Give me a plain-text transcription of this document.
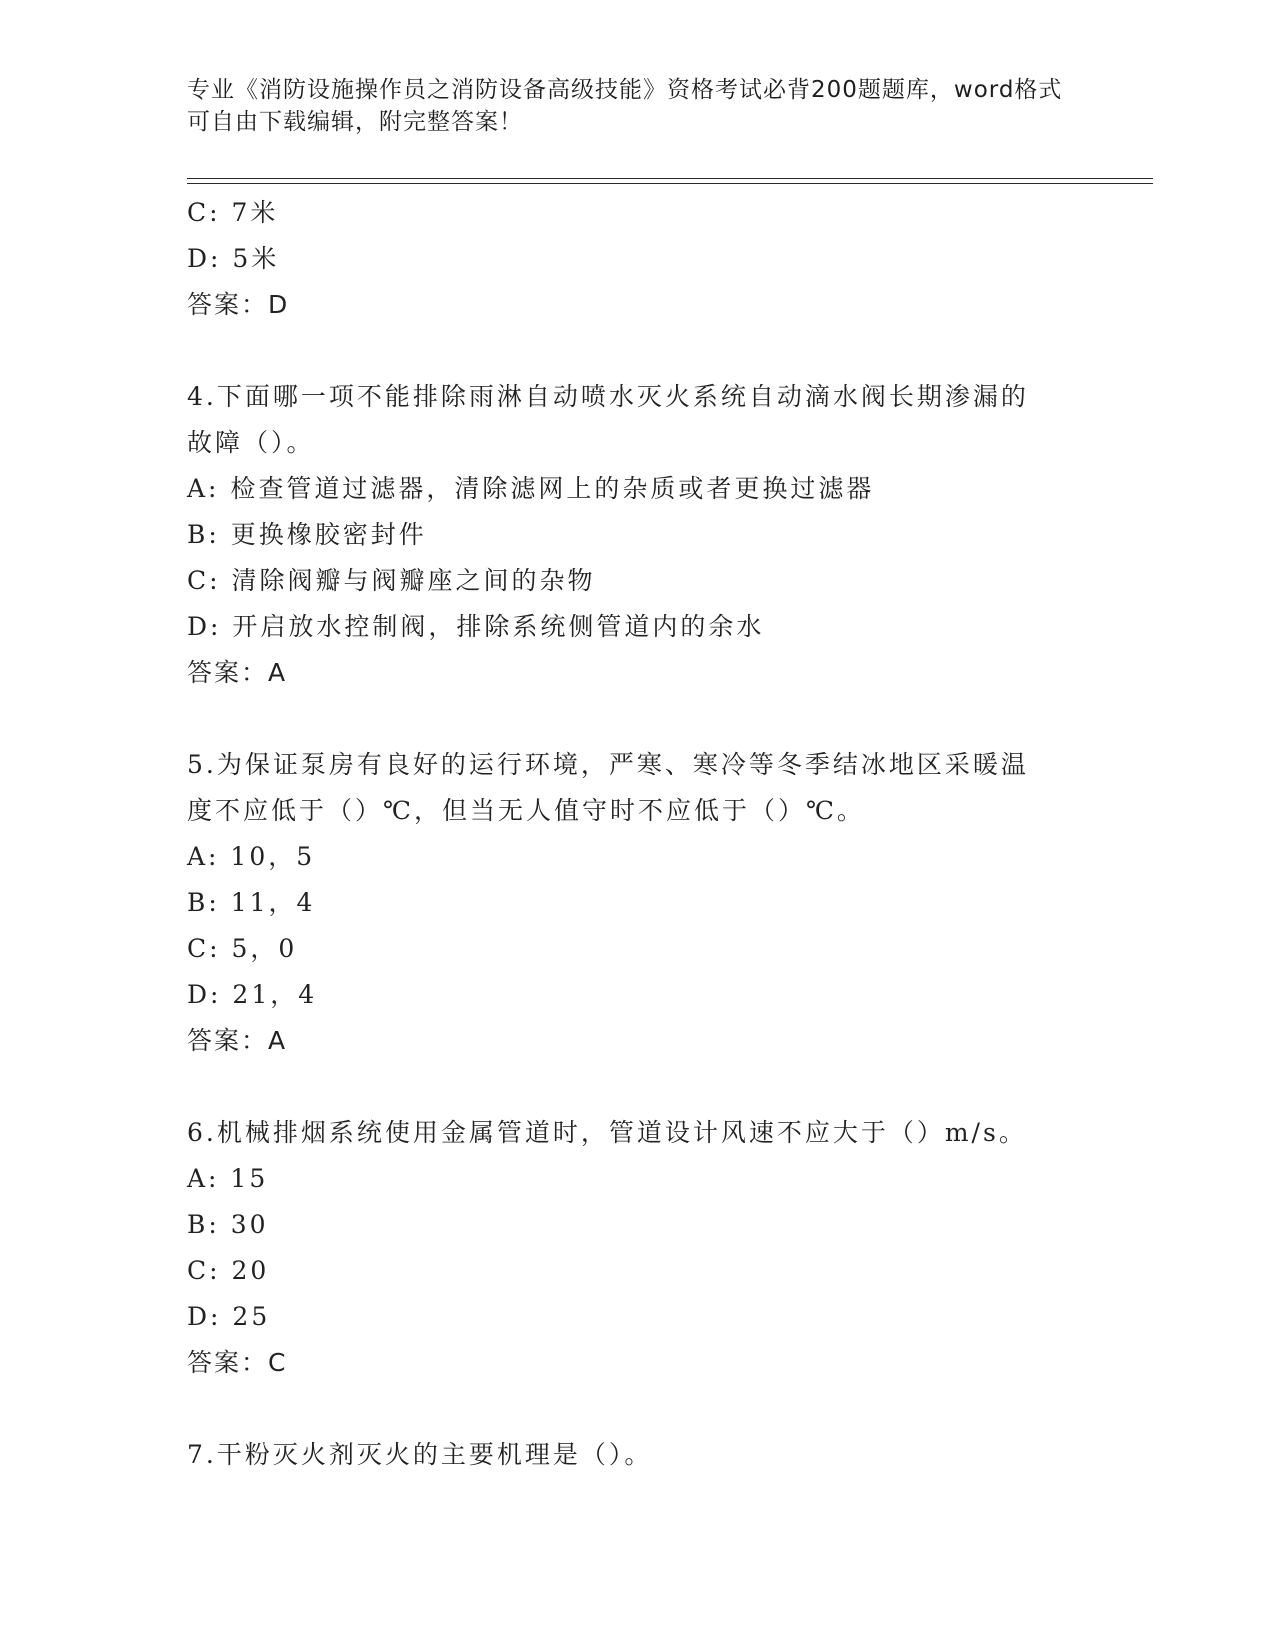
专业《消防设施操作员之消防设备高级技能》资格考试必背200题题库，word格式可自由下载编辑，附完整答案！
C: 7米
D: 5米
答案：D
4.下面哪一项不能排除雨淋自动喷水灭火系统自动滴水阀长期渗漏的
故障（）。
A: 检查管道过滤器，清除滤网上的杂质或者更换过滤器
B: 更换橡胶密封件
C: 清除阀瓣与阀瓣座之间的杂物
D: 开启放水控制阀，排除系统侧管道内的余水
答案：A
5.为保证泵房有良好的运行环境，严寒、寒冷等冬季结冰地区采暖温
度不应低于（）℃，但当无人值守时不应低于（）℃。
A: 10，5
B: 11，4
C: 5，0
D: 21，4
答案：A
6.机械排烟系统使用金属管道时，管道设计风速不应大于（）m/s。
A: 15
B: 30
C: 20
D: 25
答案：C
7.干粉灭火剂灭火的主要机理是（）。
